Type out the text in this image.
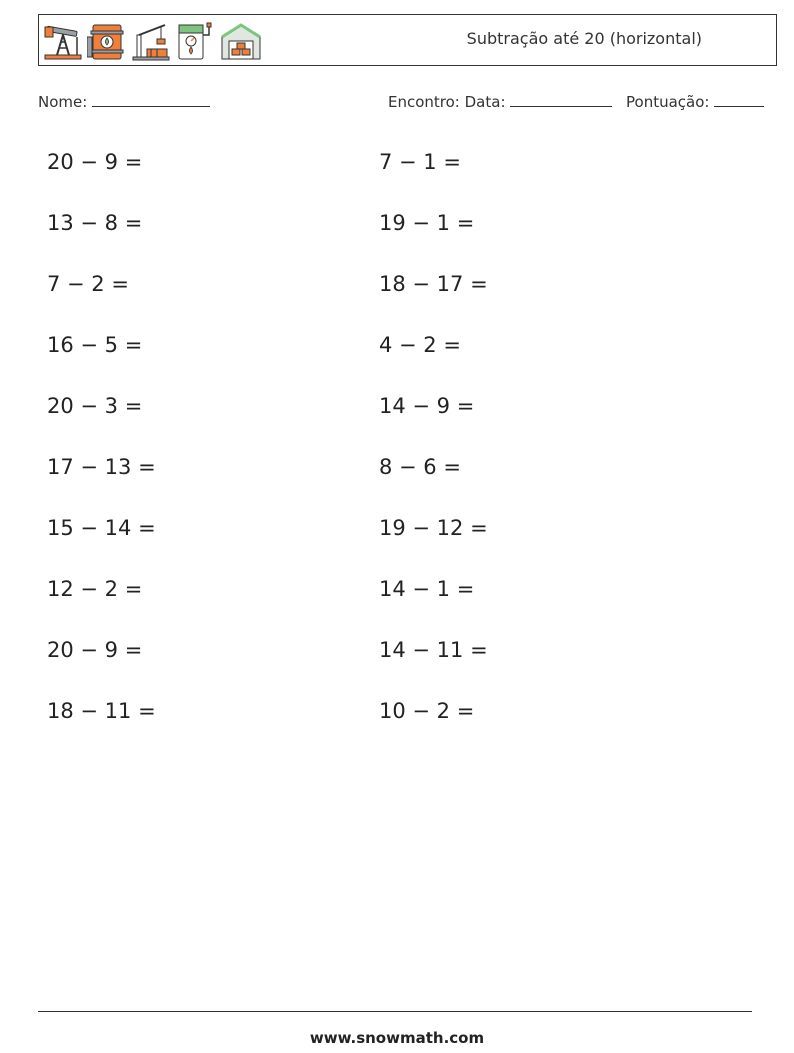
Subtração até 20 (horizontal)
Nome:	Encontro: Data:	Pontuação:
20 − 9 =	7 − 1 =
13 − 8 =	19 − 1 =
7 − 2 =	18 − 17 =
16 − 5 =	4 − 2 =
20 − 3 =	14 − 9 =
17 − 13 =	8 − 6 =
15 − 14 =	19 − 12 =
12 − 2 =	14 − 1 =
20 − 9 =	14 − 11 =
18 − 11 =	10 − 2 =
www.snowmath.com
